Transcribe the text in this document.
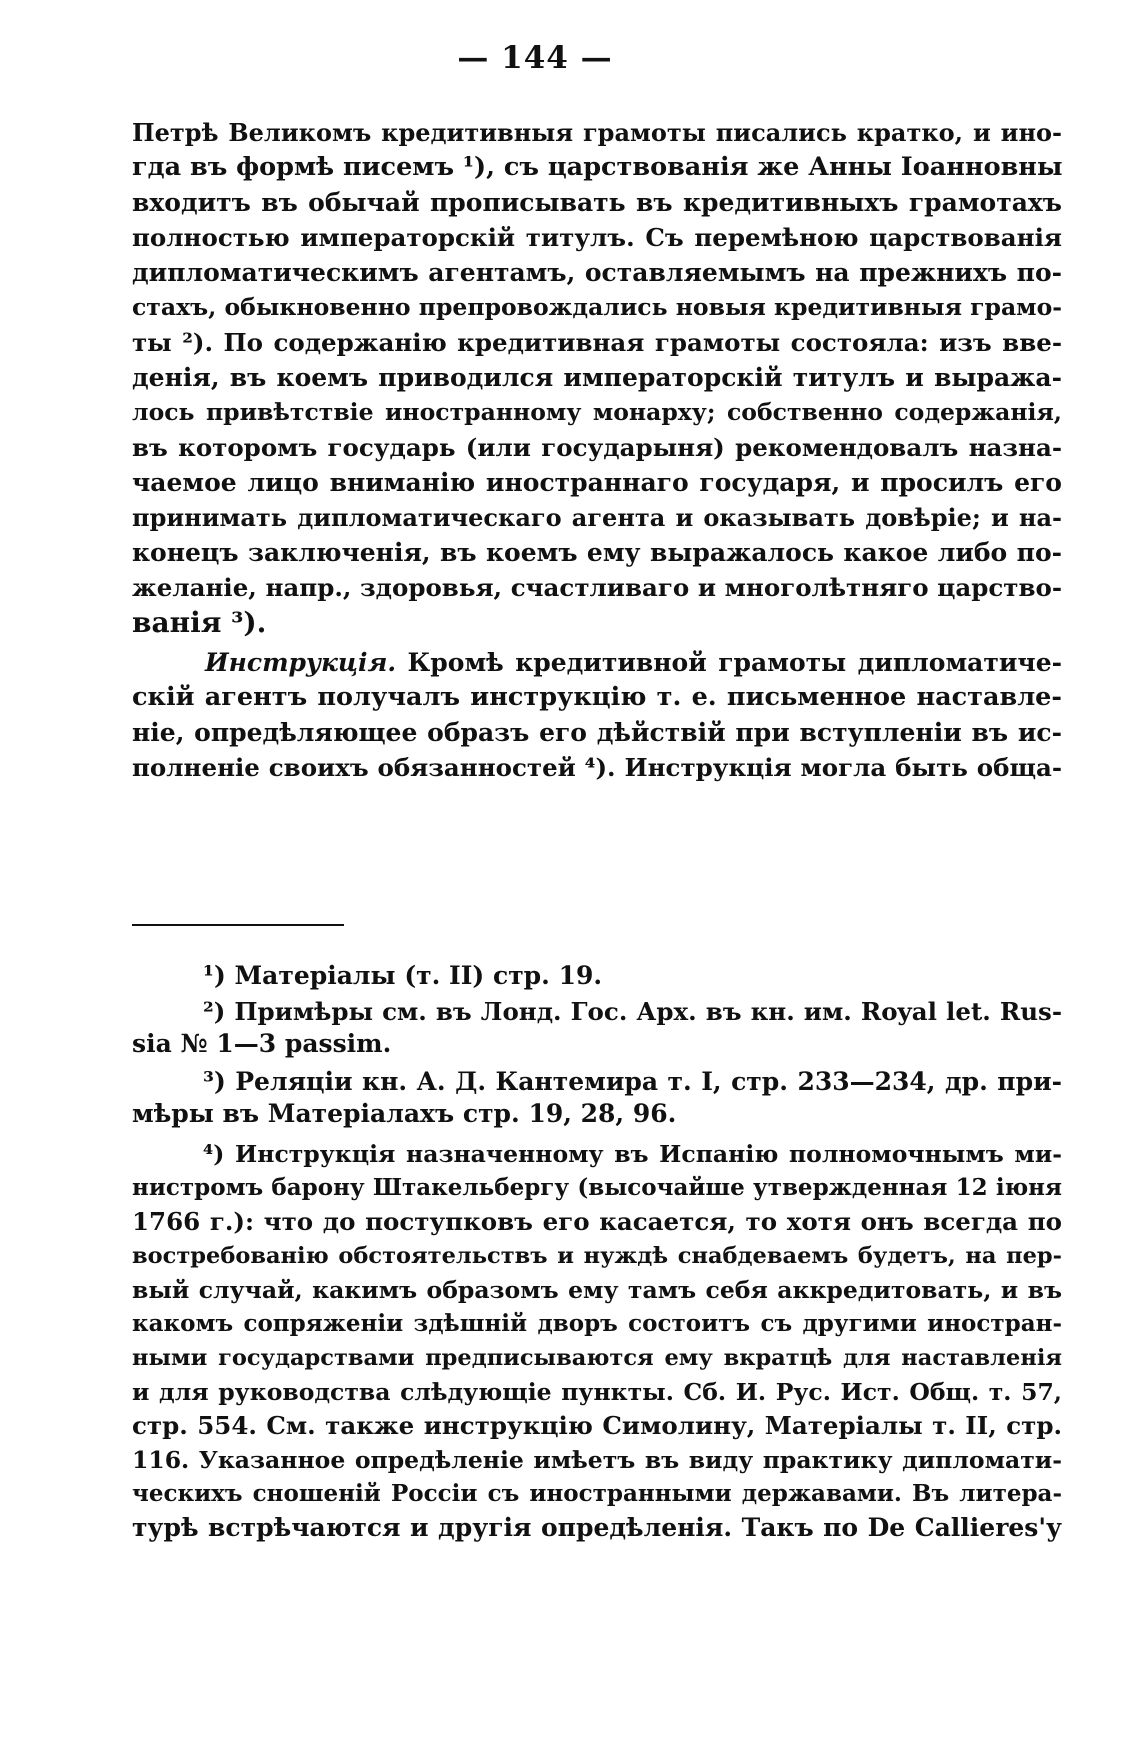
— 144 —
Петрѣ Великомъ кредитивныя грамоты писались кратко, и ино-
гда въ формѣ писемъ ¹), съ царствованія же Анны Іоанновны
входитъ въ обычай прописывать въ кредитивныхъ грамотахъ
полностью императорскій титулъ. Съ перемѣною царствованія
дипломатическимъ агентамъ, оставляемымъ на прежнихъ по-
стахъ, обыкновенно препровождались новыя кредитивныя грамо-
ты ²). По содержанію кредитивная грамоты состояла: изъ вве-
денія, въ коемъ приводился императорскій титулъ и выража-
лось привѣтствіе иностранному монарху; собственно содержанія,
въ которомъ государь (или государыня) рекомендовалъ назна-
чаемое лицо вниманію иностраннаго государя, и просилъ его
принимать дипломатическаго агента и оказывать довѣріе; и на-
конецъ заключенія, въ коемъ ему выражалось какое либо по-
желаніе, напр., здоровья, счастливаго и многолѣтняго царство-
ванія ³).
Инструкція. Кромѣ кредитивной грамоты дипломатиче-
скій агентъ получалъ инструкцію т. е. письменное наставле-
ніе, опредѣляющее образъ его дѣйствій при вступленіи въ ис-
полненіе своихъ обязанностей ⁴). Инструкція могла быть обща-
¹) Матеріалы (т. II) стр. 19.
²) Примѣры см. въ Лонд. Гос. Арх. въ кн. им. Royal let. Rus-
sia № 1—3 passim.
³) Реляціи кн. А. Д. Кантемира т. I, стр. 233—234, др. при-
мѣры въ Матеріалахъ стр. 19, 28, 96.
⁴) Инструкція назначенному въ Испанію полномочнымъ ми-
нистромъ барону Штакельбергу (высочайше утвержденная 12 іюня
1766 г.): что до поступковъ его касается, то хотя онъ всегда по
востребованію обстоятельствъ и нуждѣ снабдеваемъ будетъ, на пер-
вый случай, какимъ образомъ ему тамъ себя аккредитовать, и въ
какомъ сопряженіи здѣшній дворъ состоитъ съ другими иностран-
ными государствами предписываются ему вкратцѣ для наставленія
и для руководства слѣдующіе пункты. Сб. И. Рус. Ист. Общ. т. 57,
стр. 554. См. также инструкцію Симолину, Матеріалы т. II, стр.
116. Указанное опредѣленіе имѣетъ въ виду практику дипломати-
ческихъ сношеній Россіи съ иностранными державами. Въ литера-
турѣ встрѣчаются и другія опредѣленія. Такъ по De Callieres'у
